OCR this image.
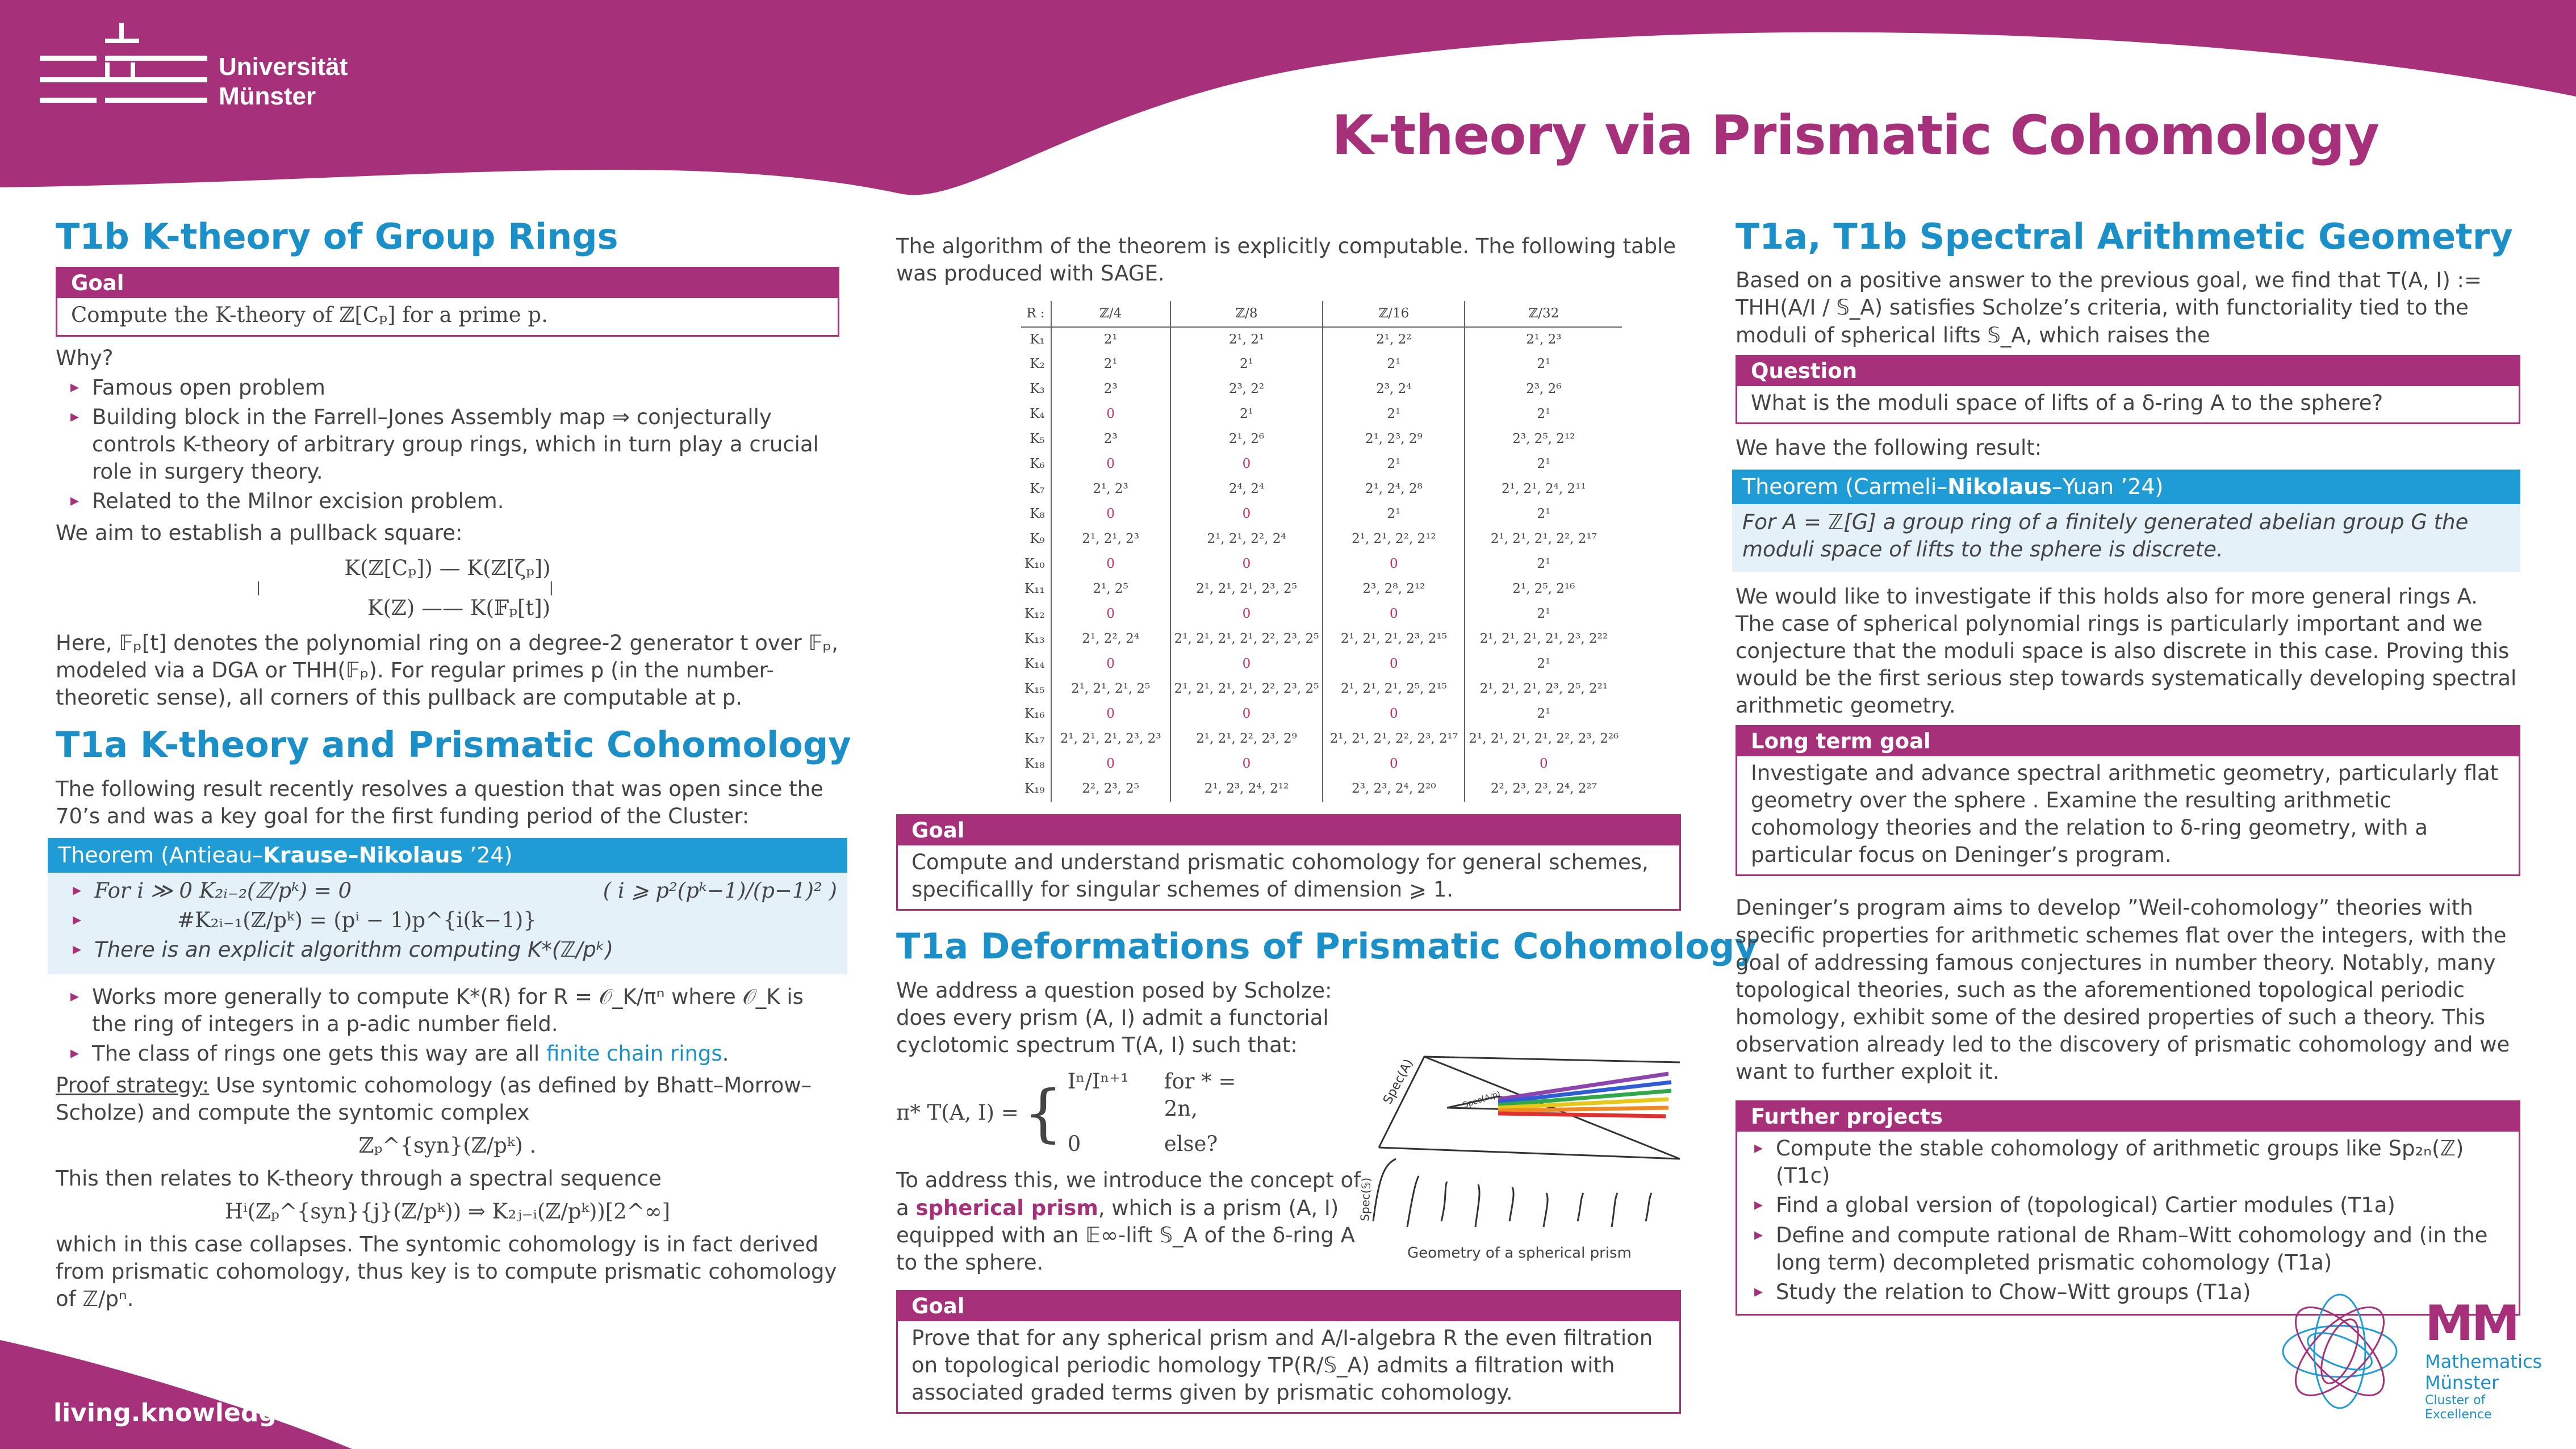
Universität
Münster
K-theory via Prismatic Cohomology
living.knowledge
T1b K-theory of Group Rings
Goal
Compute the K-theory of ℤ[Cₚ] for a prime p.
Why?
▸ Famous open problem
▸ Building block in the Farrell–Jones Assembly map ⇒ conjecturally controls K-theory of arbitrary group rings, which in turn play a crucial role in surgery theory.
▸ Related to the Milnor excision problem.
We aim to establish a pullback square:
K(ℤ[Cₚ]) — K(ℤ[ζₚ])
| |
K(ℤ) —— K(𝔽ₚ[t])
Here, 𝔽ₚ[t] denotes the polynomial ring on a degree-2 generator t over 𝔽ₚ, modeled via a DGA or THH(𝔽ₚ). For regular primes p (in the number-theoretic sense), all corners of this pullback are computable at p.
T1a K-theory and Prismatic Cohomology
The following result recently resolves a question that was open since the 70’s and was a key goal for the first funding period of the Cluster:
Theorem (Antieau–Krause–Nikolaus ’24)
▸ For i ≫ 0 K₂ᵢ₋₂(ℤ/pᵏ) = 0	( i ⩾ p²(pᵏ−1)/(p−1)² )
▸ #K₂ᵢ₋₁(ℤ/pᵏ) = (pⁱ − 1)p^{i(k−1)}
▸ There is an explicit algorithm computing K*(ℤ/pᵏ)
▸ Works more generally to compute K*(R) for R = 𝒪_K/πⁿ where 𝒪_K is the ring of integers in a p-adic number field.
▸ The class of rings one gets this way are all finite chain rings.
Proof strategy: Use syntomic cohomology (as defined by Bhatt–Morrow–Scholze) and compute the syntomic complex
ℤₚ^{syn}(ℤ/pᵏ) .
This then relates to K-theory through a spectral sequence
Hⁱ(ℤₚ^{syn}{j}(ℤ/pᵏ)) ⇒ K₂ⱼ₋ᵢ(ℤ/pᵏ))[2^∞]
which in this case collapses. The syntomic cohomology is in fact derived from prismatic cohomology, thus key is to compute prismatic cohomology of ℤ/pⁿ.
The algorithm of the theorem is explicitly computable. The following table was produced with SAGE.
R :	ℤ/4	ℤ/8	ℤ/16	ℤ/32
K₁	2¹	2¹, 2¹	2¹, 2²	2¹, 2³
K₂	2¹	2¹	2¹	2¹
K₃	2³	2³, 2²	2³, 2⁴	2³, 2⁶
K₄	0	2¹	2¹	2¹
K₅	2³	2¹, 2⁶	2¹, 2³, 2⁹	2³, 2⁵, 2¹²
K₆	0	0	2¹	2¹
K₇	2¹, 2³	2⁴, 2⁴	2¹, 2⁴, 2⁸	2¹, 2¹, 2⁴, 2¹¹
K₈	0	0	2¹	2¹
K₉	2¹, 2¹, 2³	2¹, 2¹, 2², 2⁴	2¹, 2¹, 2², 2¹²	2¹, 2¹, 2¹, 2², 2¹⁷
K₁₀	0	0	0	2¹
K₁₁	2¹, 2⁵	2¹, 2¹, 2¹, 2³, 2⁵	2³, 2⁸, 2¹²	2¹, 2⁵, 2¹⁶
K₁₂	0	0	0	2¹
K₁₃	2¹, 2², 2⁴	2¹, 2¹, 2¹, 2¹, 2², 2³, 2⁵	2¹, 2¹, 2¹, 2³, 2¹⁵	2¹, 2¹, 2¹, 2¹, 2³, 2²²
K₁₄	0	0	0	2¹
K₁₅	2¹, 2¹, 2¹, 2⁵	2¹, 2¹, 2¹, 2¹, 2², 2³, 2⁵	2¹, 2¹, 2¹, 2⁵, 2¹⁵	2¹, 2¹, 2¹, 2³, 2⁵, 2²¹
K₁₆	0	0	0	2¹
K₁₇	2¹, 2¹, 2¹, 2³, 2³	2¹, 2¹, 2², 2³, 2⁹	2¹, 2¹, 2¹, 2², 2³, 2¹⁷	2¹, 2¹, 2¹, 2¹, 2², 2³, 2²⁶
K₁₈	0	0	0	0
K₁₉	2², 2³, 2⁵	2¹, 2³, 2⁴, 2¹²	2³, 2³, 2⁴, 2²⁰	2², 2³, 2³, 2⁴, 2²⁷
Goal
Compute and understand prismatic cohomology for general schemes, specificallly for singular schemes of dimension ⩾ 1.
T1a Deformations of Prismatic Cohomology
We address a question posed by Scholze: does every prism (A, I) admit a functorial cyclotomic spectrum T(A, I) such that:
π* T(A, I) = { Iⁿ/Iⁿ⁺¹	for * = 2n,
0	else?
To address this, we introduce the concept of a spherical prism, which is a prism (A, I) equipped with an 𝔼∞-lift 𝕊_A of the δ-ring A to the sphere.
Spec(A)	Spec(A/p)
Spec(𝕊)
Geometry of a spherical prism
Goal
Prove that for any spherical prism and A/I-algebra R the even filtration on topological periodic homology TP(R/𝕊_A) admits a filtration with associated graded terms given by prismatic cohomology.
T1a, T1b Spectral Arithmetic Geometry
Based on a positive answer to the previous goal, we find that T(A, I) := THH(A/I / 𝕊_A) satisfies Scholze’s criteria, with functoriality tied to the moduli of spherical lifts 𝕊_A, which raises the
Question
What is the moduli space of lifts of a δ-ring A to the sphere?
We have the following result:
Theorem (Carmeli–Nikolaus–Yuan ’24)
For A = ℤ[G] a group ring of a finitely generated abelian group G the moduli space of lifts to the sphere is discrete.
We would like to investigate if this holds also for more general rings A. The case of spherical polynomial rings is particularly important and we conjecture that the moduli space is also discrete in this case. Proving this would be the first serious step towards systematically developing spectral arithmetic geometry.
Long term goal
Investigate and advance spectral arithmetic geometry, particularly flat geometry over the sphere . Examine the resulting arithmetic cohomology theories and the relation to δ-ring geometry, with a particular focus on Deninger’s program.
Deninger’s program aims to develop ”Weil-cohomology” theories with specific properties for arithmetic schemes flat over the integers, with the goal of addressing famous conjectures in number theory. Notably, many topological theories, such as the aforementioned topological periodic homology, exhibit some of the desired properties of such a theory. This observation already led to the discovery of prismatic cohomology and we want to further exploit it.
Further projects
▸ Compute the stable cohomology of arithmetic groups like Sp₂ₙ(ℤ) (T1c)
▸ Find a global version of (topological) Cartier modules (T1a)
▸ Define and compute rational de Rham–Witt cohomology and (in the long term) decompleted prismatic cohomology (T1a)
▸ Study the relation to Chow–Witt groups (T1a)
MM
Mathematics
Münster
Cluster of Excellence
